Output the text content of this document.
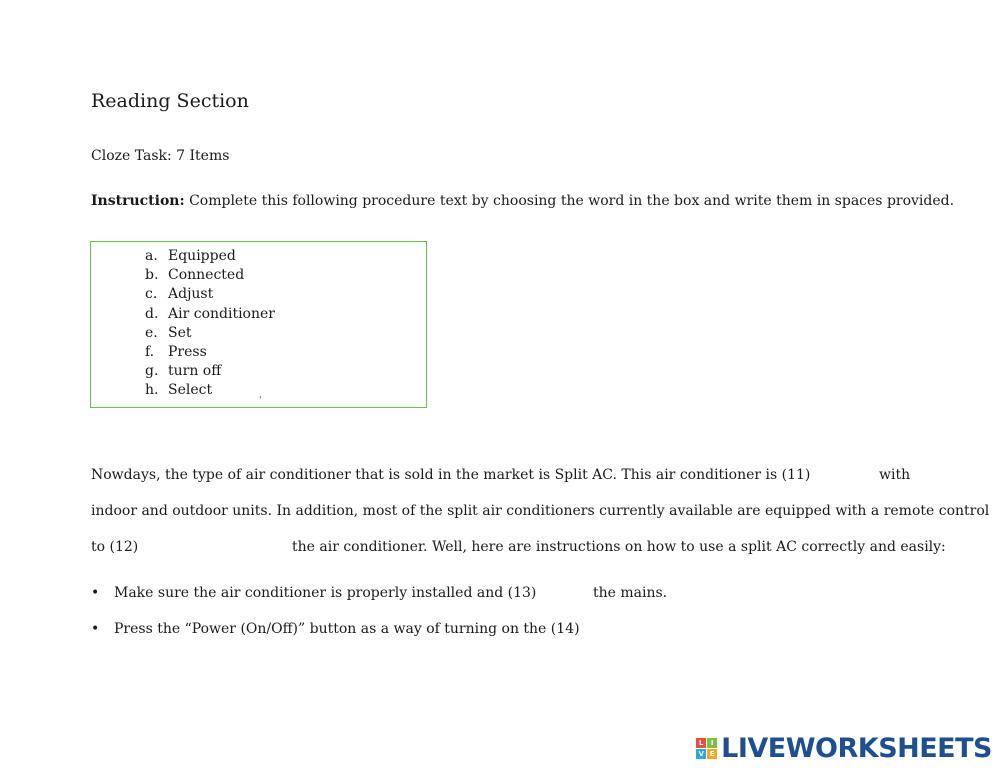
Reading Section
Cloze Task: 7 Items
Instruction: Complete this following procedure text by choosing the word in the box and write them in spaces provided.
a. Equipped
b. Connected
c. Adjust
d. Air conditioner
e. Set
f. Press
g. turn off
h. Select
'
Nowdays, the type of air conditioner that is sold in the market is Split AC. This air conditioner is (11)	with
indoor and outdoor units. In addition, most of the split air conditioners currently available are equipped with a remote control
to (12)	the air conditioner. Well, here are instructions on how to use a split AC correctly and easily:
• Make sure the air conditioner is properly installed and (13)	the mains.
• Press the “Power (On/Off)” button as a way of turning on the (14)
L	I
V E LIVEWORKSHEETS
